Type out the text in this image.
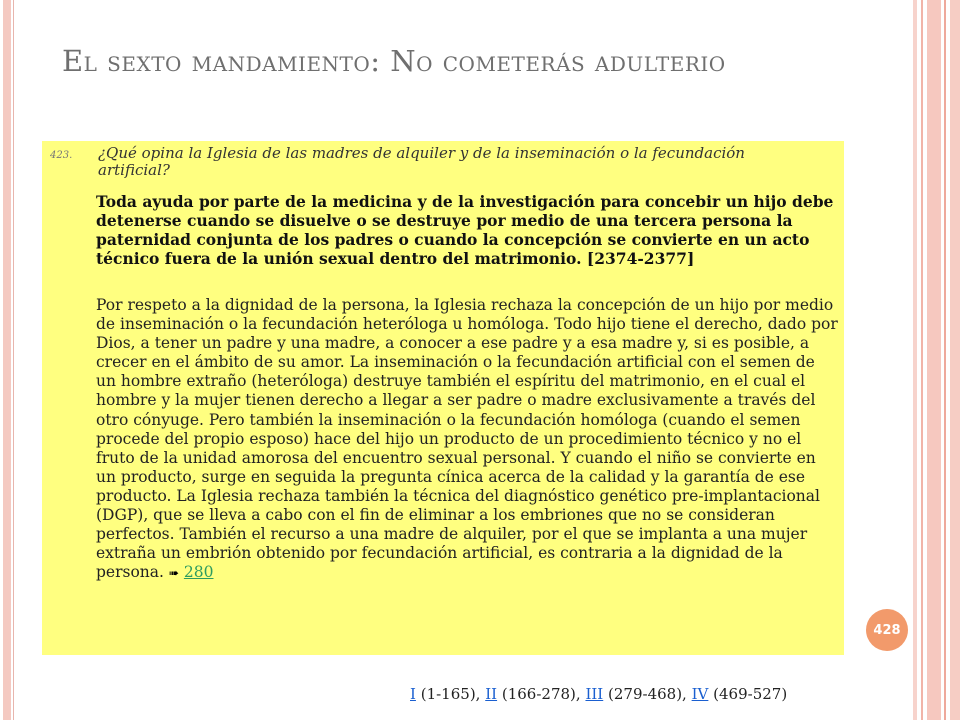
El sexto mandamiento: No cometerás adulterio
423. ¿Qué opina la Iglesia de las madres de alquiler y de la inseminación o la fecundación artificial?

Toda ayuda por parte de la medicina y de la investigación para concebir un hijo debe detenerse cuando se disuelve o se destruye por medio de una tercera persona la paternidad conjunta de los padres o cuando la concepción se convierte en un acto técnico fuera de la unión sexual dentro del matrimonio. [2374-2377]

Por respeto a la dignidad de la persona, la Iglesia rechaza la concepción de un hijo por medio de inseminación o la fecundación heteróloga u homóloga. Todo hijo tiene el derecho, dado por Dios, a tener un padre y una madre, a conocer a ese padre y a esa madre y, si es posible, a crecer en el ámbito de su amor. La inseminación o la fecundación artificial con el semen de un hombre extraño (heteróloga) destruye también el espíritu del matrimonio, en el cual el hombre y la mujer tienen derecho a llegar a ser padre o madre exclusivamente a través del otro cónyuge. Pero también la inseminación o la fecundación homóloga (cuando el semen procede del propio esposo) hace del hijo un producto de un procedimiento técnico y no el fruto de la unidad amorosa del encuentro sexual personal. Y cuando el niño se convierte en un producto, surge en seguida la pregunta cínica acerca de la calidad y la garantía de ese producto. La Iglesia rechaza también la técnica del diagnóstico genético pre-implantacional (DGP), que se lleva a cabo con el fin de eliminar a los embriones que no se consideran perfectos. También el recurso a una madre de alquiler, por el que se implanta a una mujer extraña un embrión obtenido por fecundación artificial, es contraria a la dignidad de la persona. ➠ 280

428
I (1-165), II (166-278), III (279-468), IV (469-527)
